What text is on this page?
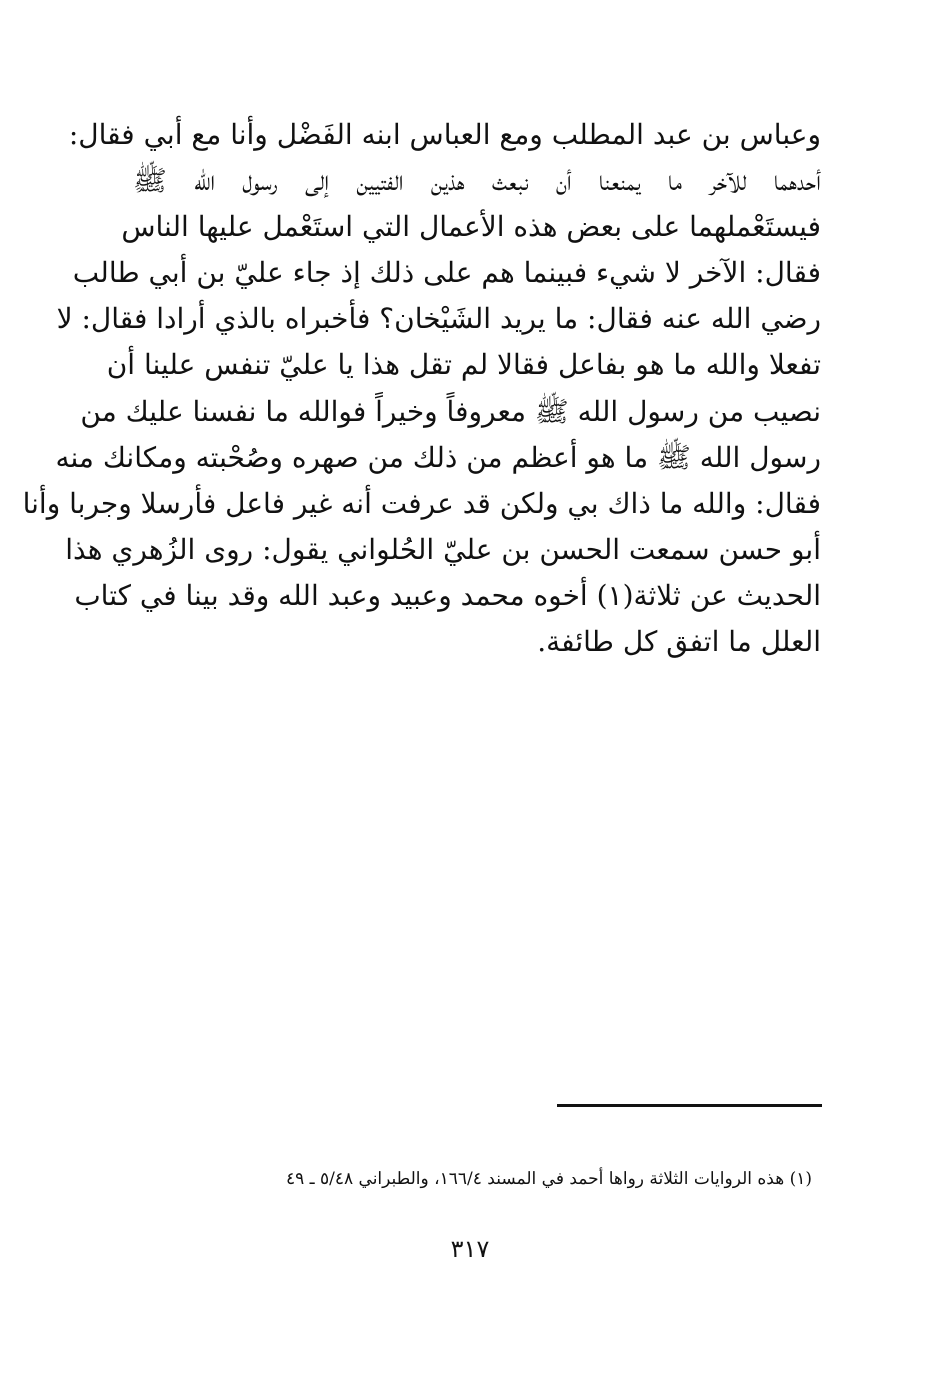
وعباس بن عبد المطلب ومع العباس ابنه الفَضْل وأنا مع أبي فقال:
أحدهما للآخر ما يمنعنا أن نبعث هذين الفتيين إلى رسول الله ﷺ
فيستَعْملهما على بعض هذه الأعمال التي استَعْمل عليها الناس
فقال: الآخر لا شيء فبينما هم على ذلك إذ جاء عليّ بن أبي طالب
رضي الله عنه فقال: ما يريد الشَيْخان؟ فأخبراه بالذي أرادا فقال: لا
تفعلا والله ما هو بفاعل فقالا لم تقل هذا يا عليّ تنفس علينا أن
نصيب من رسول الله ﷺ معروفاً وخيراً فوالله ما نفسنا عليك من
رسول الله ﷺ ما هو أعظم من ذلك من صهره وصُحْبته ومكانك منه
فقال: والله ما ذاك بي ولكن قد عرفت أنه غير فاعل فأرسلا وجربا وأنا
أبو حسن سمعت الحسن بن عليّ الحُلواني يقول: روى الزُهري هذا
الحديث عن ثلاثة(١) أخوه محمد وعبيد وعبد الله وقد بينا في كتاب
العلل ما اتفق كل طائفة.
(١) هذه الروايات الثلاثة رواها أحمد في المسند ١٦٦/٤، والطبراني ٥/٤٨ ـ ٤٩
٣١٧
